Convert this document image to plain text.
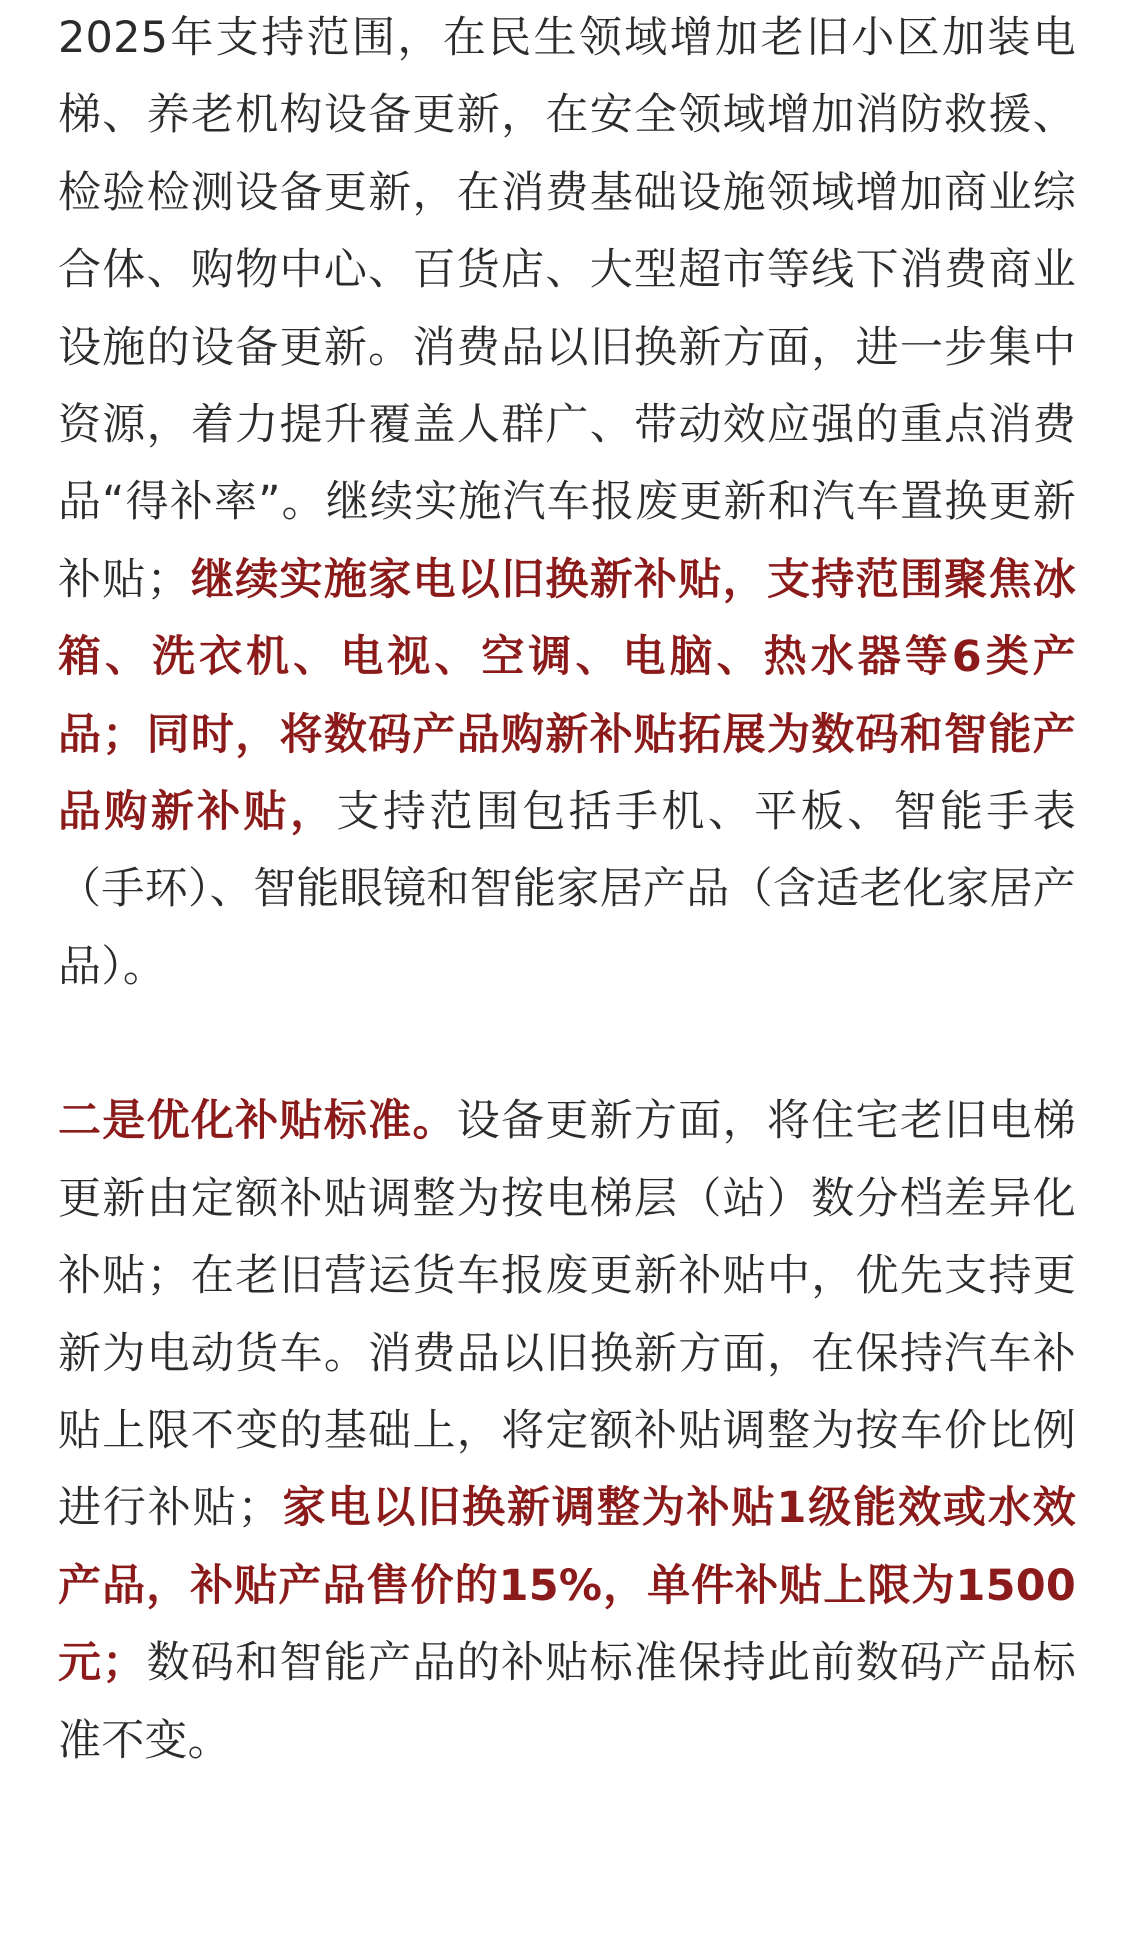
2025年支持范围，在民生领域增加老旧小区加装电梯、养老机构设备更新，在安全领域增加消防救援、检验检测设备更新，在消费基础设施领域增加商业综合体、购物中心、百货店、大型超市等线下消费商业设施的设备更新。消费品以旧换新方面，进一步集中资源，着力提升覆盖人群广、带动效应强的重点消费品“得补率”。继续实施汽车报废更新和汽车置换更新补贴；继续实施家电以旧换新补贴，支持范围聚焦冰箱、洗衣机、电视、空调、电脑、热水器等6类产品；同时，将数码产品购新补贴拓展为数码和智能产品购新补贴，支持范围包括手机、平板、智能手表（手环）、智能眼镜和智能家居产品（含适老化家居产品）。

二是优化补贴标准。设备更新方面，将住宅老旧电梯更新由定额补贴调整为按电梯层（站）数分档差异化补贴；在老旧营运货车报废更新补贴中，优先支持更新为电动货车。消费品以旧换新方面，在保持汽车补贴上限不变的基础上，将定额补贴调整为按车价比例进行补贴；家电以旧换新调整为补贴1级能效或水效产品，补贴产品售价的15%，单件补贴上限为1500元；数码和智能产品的补贴标准保持此前数码产品标准不变。
